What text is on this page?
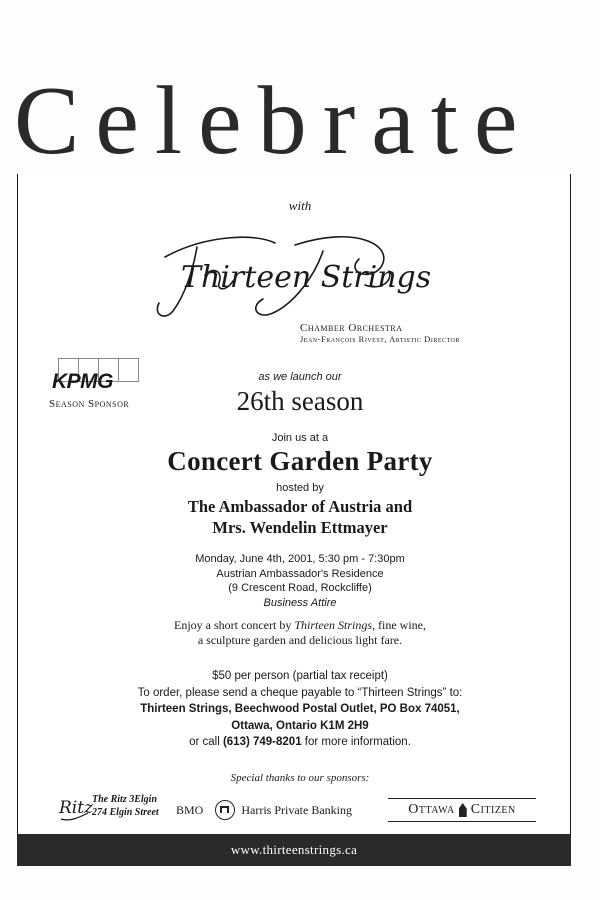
Celebrate
with
Thirteen Strings
Chamber Orchestra
Jean-François Rivest, Artistic Director
KPMG
Season Sponsor
as we launch our
26th season
Join us at a
Concert Garden Party
hosted by
The Ambassador of Austria and
Mrs. Wendelin Ettmayer
Monday, June 4th, 2001, 5:30 pm - 7:30pm
Austrian Ambassador's Residence
(9 Crescent Road, Rockcliffe)
Business Attire
Enjoy a short concert by Thirteen Strings, fine wine,
a sculpture garden and delicious light fare.
$50 per person (partial tax receipt)
To order, please send a cheque payable to “Thirteen Strings” to:
Thirteen Strings, Beechwood Postal Outlet, PO Box 74051,
Ottawa, Ontario K1M 2H9
or call (613) 749-8201 for more information.
Special thanks to our sponsors:
Ritz
The Ritz 3Elgin
274 Elgin Street BMO	Harris Private Banking	Ottawa Citizen
www.thirteenstrings.ca
